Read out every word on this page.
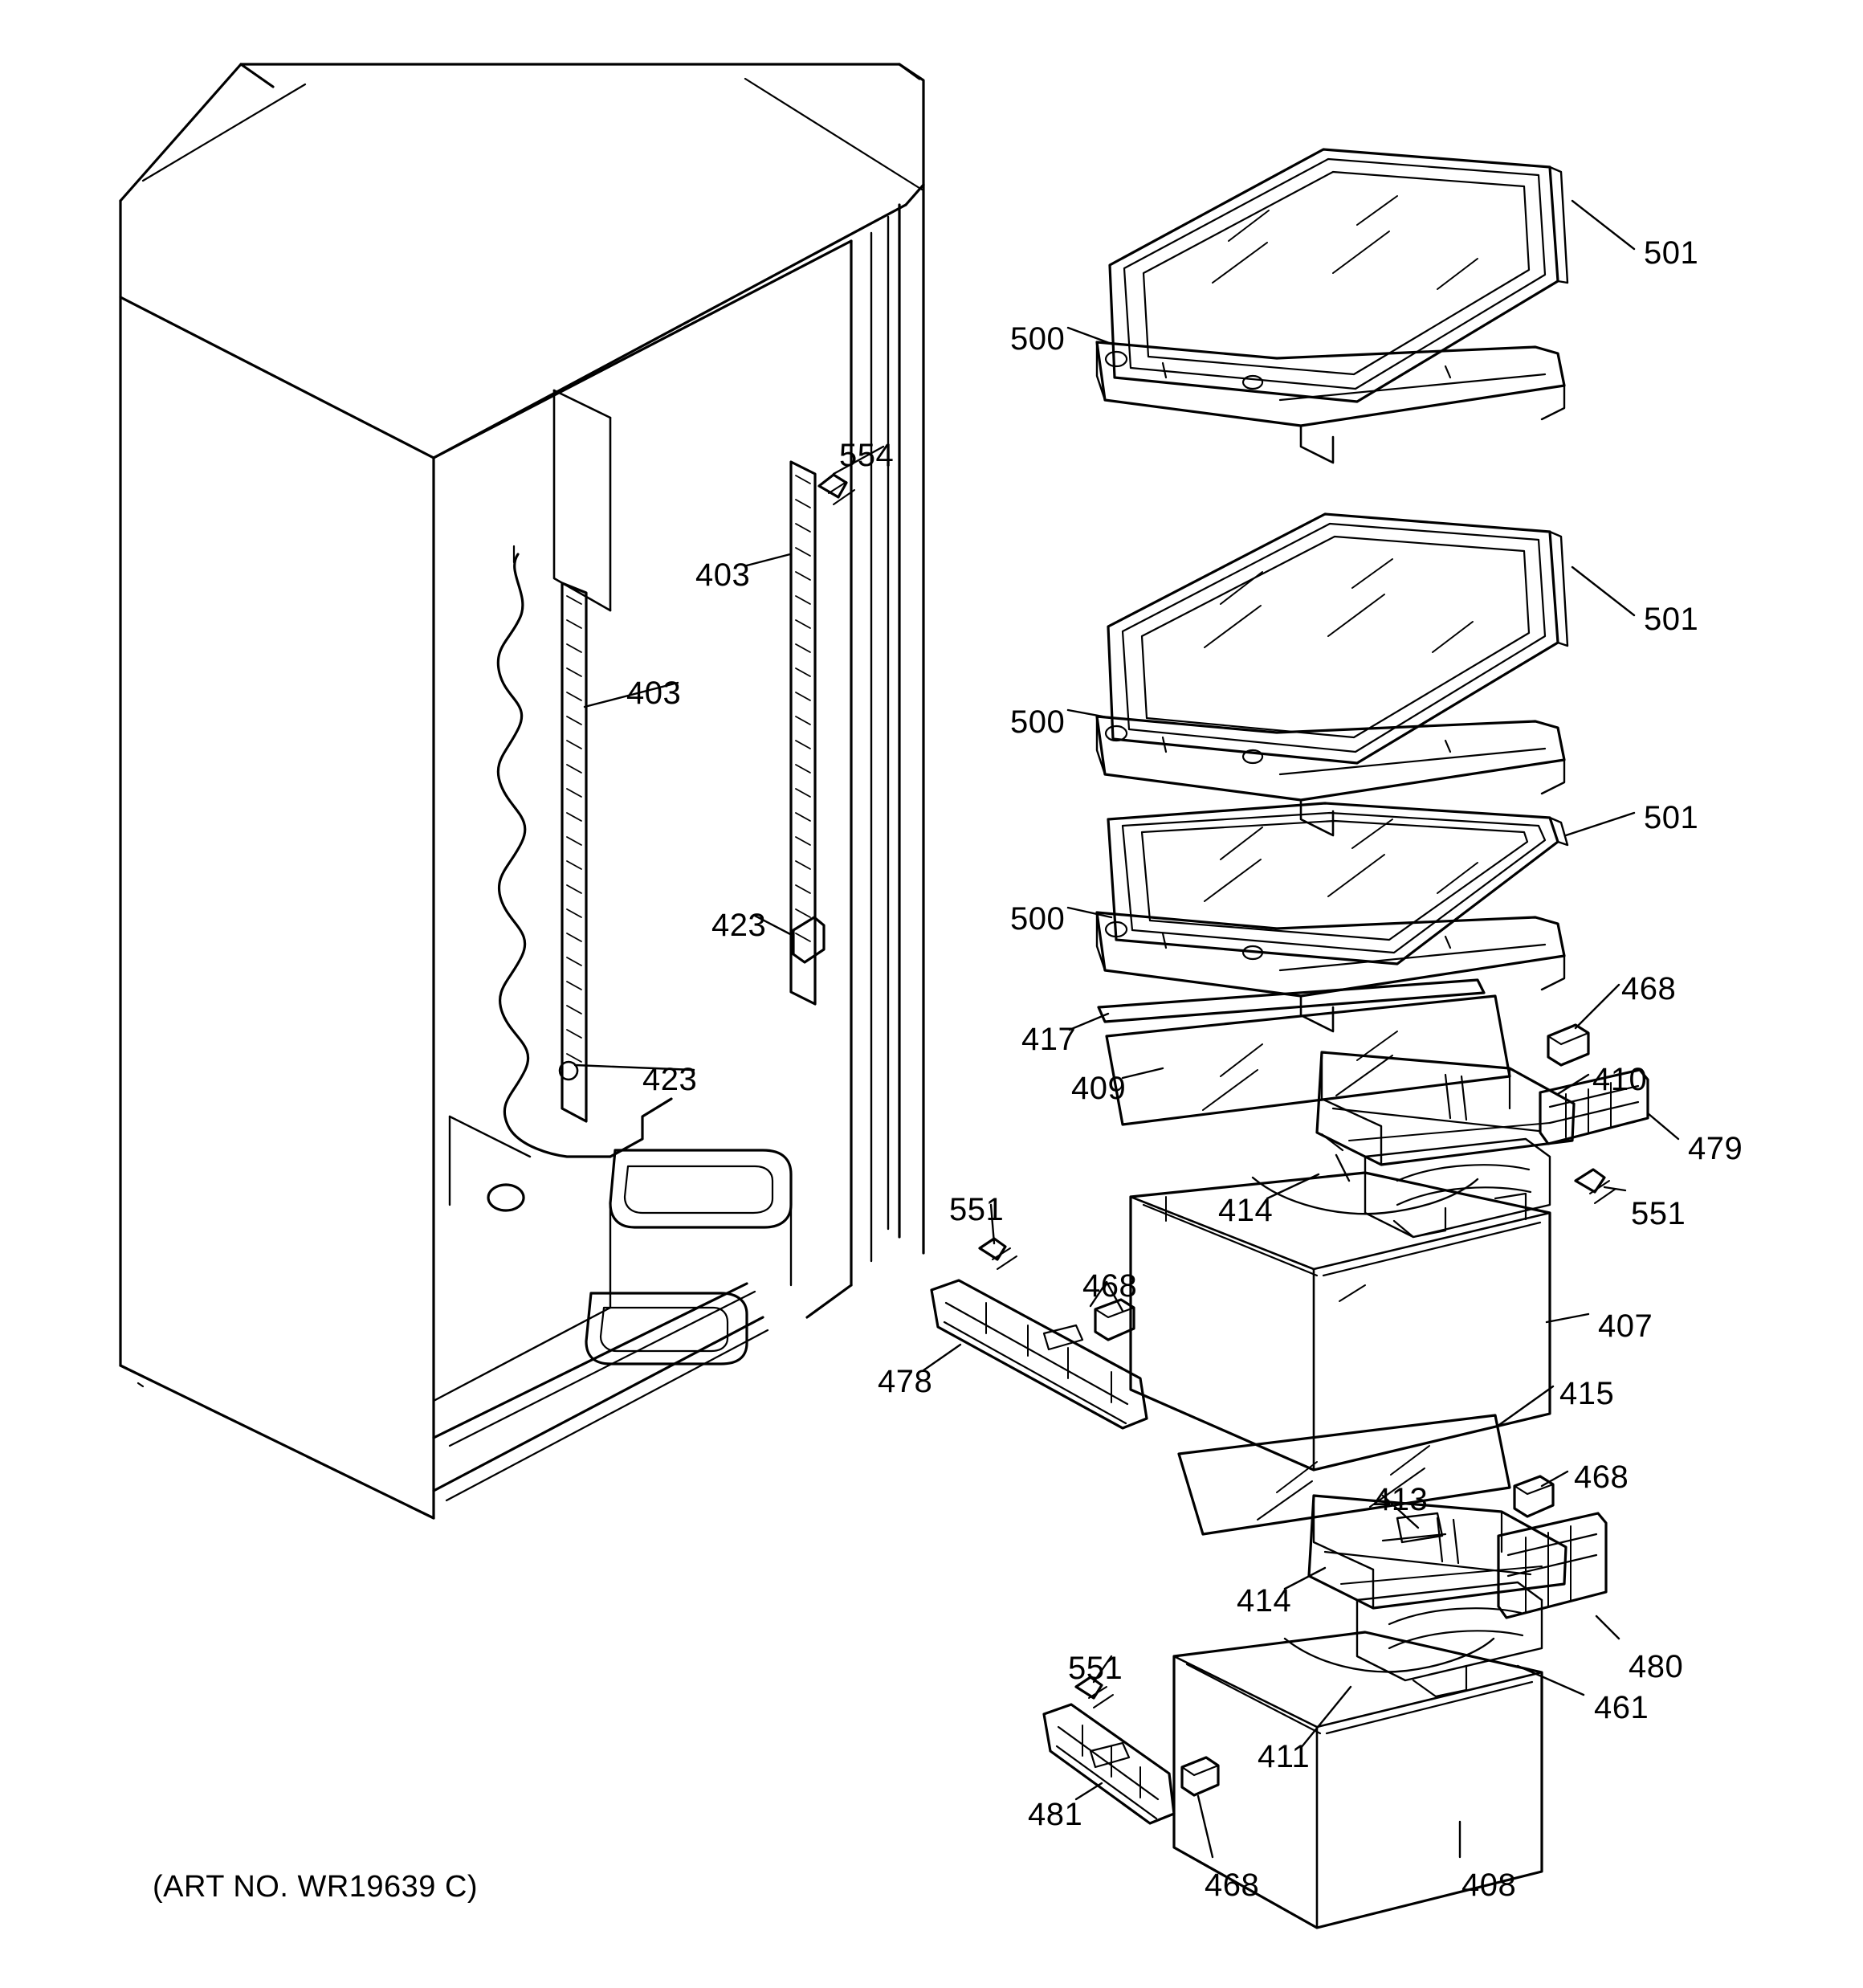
501
500
554
403
403
501
500
501
423	500
423
468
417
410
409
479
551
414
551
468
407
478	415
468
413
414
480
461
551
411
481
468	408
(ART NO. WR19639 C)
